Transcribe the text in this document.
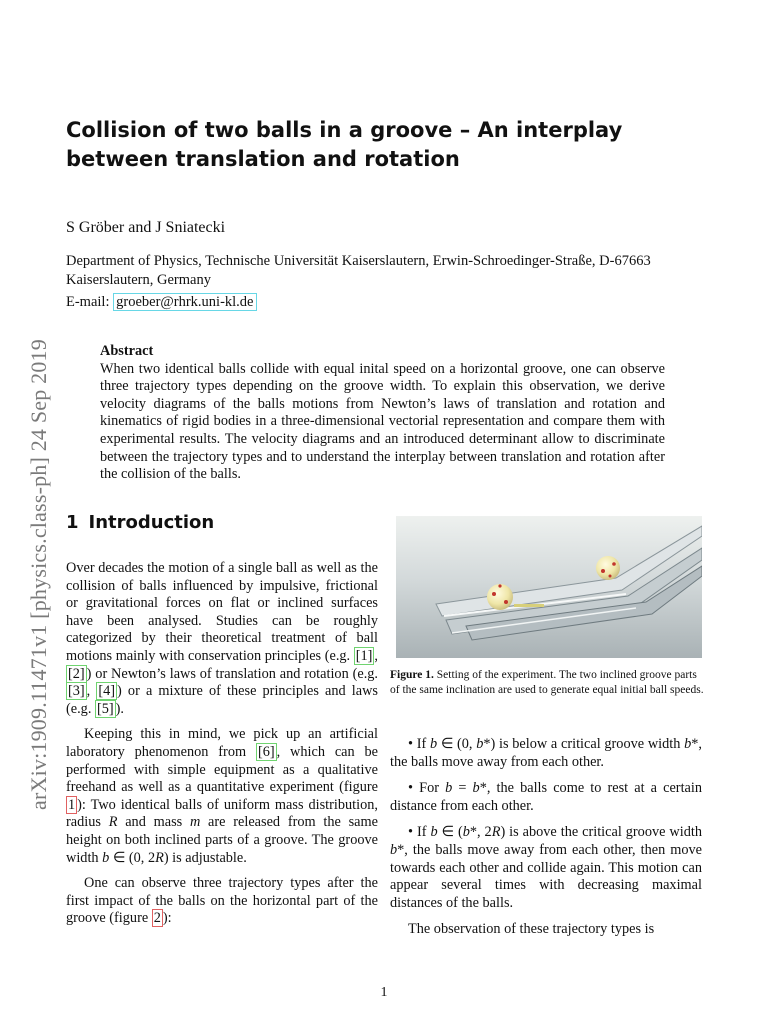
arXiv:1909.11471v1 [physics.class-ph] 24 Sep 2019
Collision of two balls in a groove – An interplay between translation and rotation
S Gröber and J Sniatecki
Department of Physics, Technische Universität Kaiserslautern, Erwin-Schroedinger-Straße, D-67663 Kaiserslautern, Germany
E-mail: groeber@rhrk.uni-kl.de
Abstract
When two identical balls collide with equal inital speed on a horizontal groove, one can observe three trajectory types depending on the groove width. To explain this observation, we derive velocity diagrams of the balls motions from Newton’s laws of translation and rotation and kinematics of rigid bodies in a three-dimensional vectorial representation and compare them with experimental results. The velocity diagrams and an introduced determinant allow to discriminate between the trajectory types and to understand the interplay between translation and rotation after the collision of the balls.
1 Introduction

Over decades the motion of a single ball as well as the collision of balls influenced by impulsive, frictional or gravitational forces on flat or inclined surfaces have been analysed. Studies can be roughly categorized by their theoretical treatment of ball motions mainly with conservation principles (e.g. [1] , [2] ) or Newton’s laws of translation and rotation (e.g. [3] , [4] ) or a mixture of these principles and laws (e.g. [5] ).

Keeping this in mind, we pick up an artificial laboratory phenomenon from [6] , which can be performed with simple equipment as a qualitative freehand as well as a quantitative experiment (figure 1 ): Two identical balls of uniform mass distribution, radius R and mass m are released from the same height on both inclined parts of a groove. The groove width b ∈ (0, 2R) is adjustable.

One can observe three trajectory types after the first impact of the balls on the horizontal part of the groove (figure 2 ):

Figure 1. Setting of the experiment. The two inclined groove parts of the same inclination are used to generate equal initial ball speeds.

• If b ∈ (0, b*) is below a critical groove width b*, the balls move away from each other.

• For b = b*, the balls come to rest at a certain distance from each other.

• If b ∈ (b*, 2R) is above the critical groove width b*, the balls move away from each other, then move towards each other and collide again. This motion can appear several times with decreasing maximal distances of the balls.

The observation of these trajectory types is

1
